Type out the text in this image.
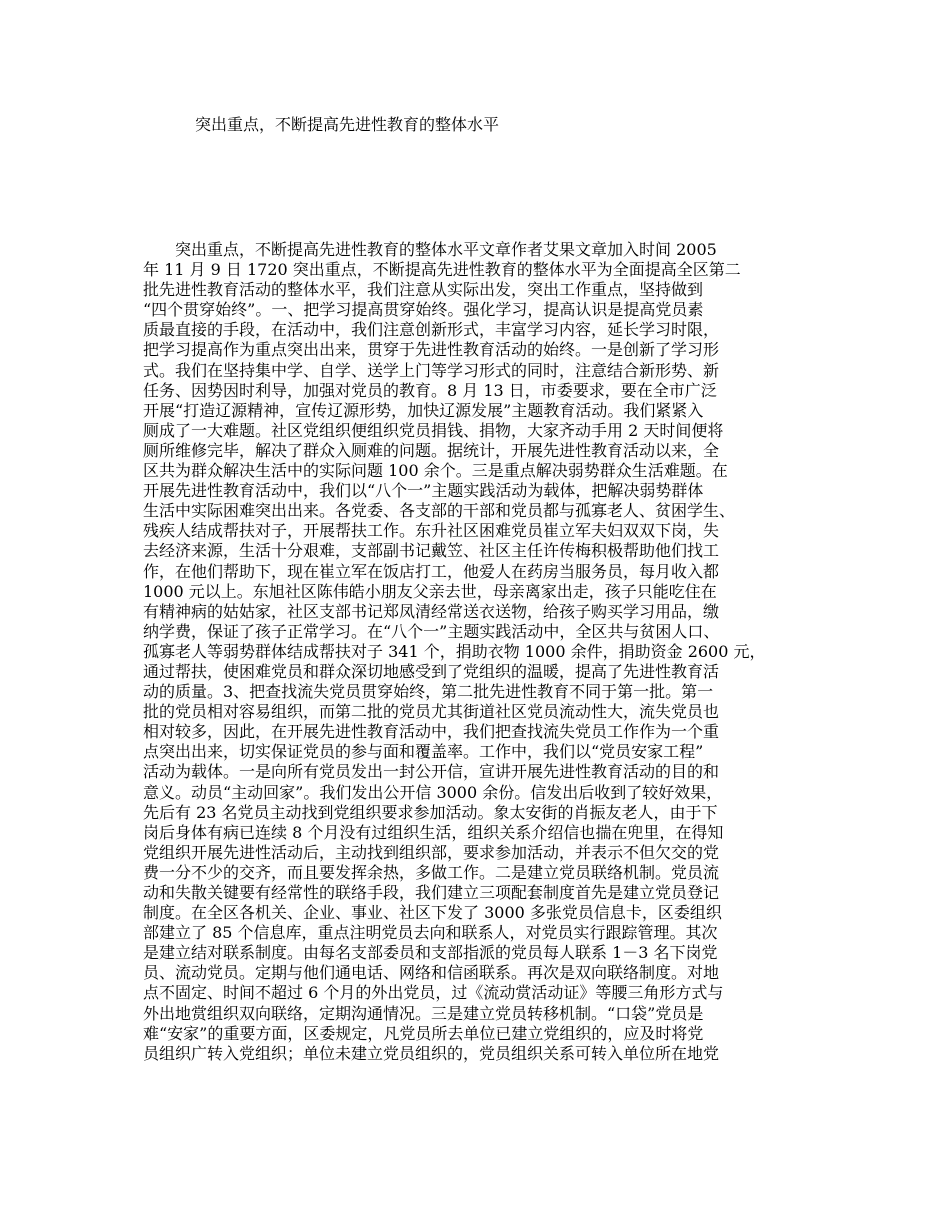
突出重点，不断提高先进性教育的整体水平
　　突出重点，不断提高先进性教育的整体水平文章作者艾果文章加入时间 2005
年 11 月 9 日 1720 突出重点，不断提高先进性教育的整体水平为全面提高全区第二
批先进性教育活动的整体水平，我们注意从实际出发，突出工作重点，坚持做到
“四个贯穿始终”。一、把学习提高贯穿始终。强化学习，提高认识是提高党员素
质最直接的手段，在活动中，我们注意创新形式，丰富学习内容，延长学习时限，
把学习提高作为重点突出出来，贯穿于先进性教育活动的始终。一是创新了学习形
式。我们在坚持集中学、自学、送学上门等学习形式的同时，注意结合新形势、新
任务、因势因时利导，加强对党员的教育。8 月 13 日，市委要求，要在全市广泛
开展“打造辽源精神，宣传辽源形势，加快辽源发展”主题教育活动。我们紧紧入
厕成了一大难题。社区党组织便组织党员捐钱、捐物，大家齐动手用 2 天时间便将
厕所维修完毕，解决了群众入厕难的问题。据统计，开展先进性教育活动以来，全
区共为群众解决生活中的实际问题 100 余个。三是重点解决弱势群众生活难题。在
开展先进性教育活动中，我们以“八个一”主题实践活动为载体，把解决弱势群体
生活中实际困难突出出来。各党委、各支部的干部和党员都与孤寡老人、贫困学生、
残疾人结成帮扶对子，开展帮扶工作。东升社区困难党员崔立军夫妇双双下岗，失
去经济来源，生活十分艰难，支部副书记戴笠、社区主任许传梅积极帮助他们找工
作，在他们帮助下，现在崔立军在饭店打工，他爱人在药房当服务员，每月收入都
1000 元以上。东旭社区陈伟皓小朋友父亲去世，母亲离家出走，孩子只能吃住在
有精神病的姑姑家，社区支部书记郑凤清经常送衣送物，给孩子购买学习用品，缴
纳学费，保证了孩子正常学习。在“八个一”主题实践活动中，全区共与贫困人口、
孤寡老人等弱势群体结成帮扶对子 341 个，捐助衣物 1000 余件，捐助资金 2600 元，
通过帮扶，使困难党员和群众深切地感受到了党组织的温暖，提高了先进性教育活
动的质量。3、把查找流失党员贯穿始终，第二批先进性教育不同于第一批。第一
批的党员相对容易组织，而第二批的党员尤其街道社区党员流动性大，流失党员也
相对较多，因此，在开展先进性教育活动中，我们把查找流失党员工作作为一个重
点突出出来，切实保证党员的参与面和覆盖率。工作中，我们以“党员安家工程”
活动为载体。一是向所有党员发出一封公开信，宣讲开展先进性教育活动的目的和
意义。动员“主动回家”。我们发出公开信 3000 余份。信发出后收到了较好效果，
先后有 23 名党员主动找到党组织要求参加活动。象太安街的肖振友老人，由于下
岗后身体有病已连续 8 个月没有过组织生活，组织关系介绍信也揣在兜里，在得知
党组织开展先进性活动后，主动找到组织部，要求参加活动，并表示不但欠交的党
费一分不少的交齐，而且要发挥余热，多做工作。二是建立党员联络机制。党员流
动和失散关键要有经常性的联络手段，我们建立三项配套制度首先是建立党员登记
制度。在全区各机关、企业、事业、社区下发了 3000 多张党员信息卡，区委组织
部建立了 85 个信息库，重点注明党员去向和联系人，对党员实行跟踪管理。其次
是建立结对联系制度。由每名支部委员和支部指派的党员每人联系 1－3 名下岗党
员、流动党员。定期与他们通电话、网络和信函联系。再次是双向联络制度。对地
点不固定、时间不超过 6 个月的外出党员，过《流动赏活动证》等腰三角形方式与
外出地赏组织双向联络，定期沟通情况。三是建立党员转移机制。“口袋”党员是
难“安家”的重要方面，区委规定，凡党员所去单位已建立党组织的，应及时将党
员组织广转入党组织；单位未建立党员组织的，党员组织关系可转入单位所在地党
